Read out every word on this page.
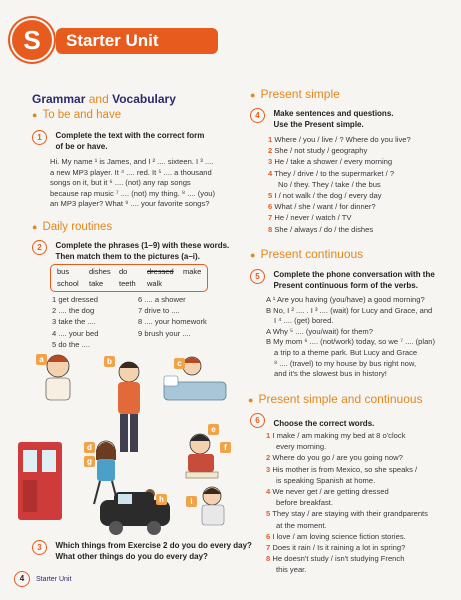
S	Starter Unit
Grammar and Vocabulary
● To be and have
1 Complete the text with the correct form
of be or have.
Hi. My name ¹ is James, and I ² .... sixteen. I ³ ....
a new MP3 player. It ⁴ .... red. It ⁵ .... a thousand
songs on it, but it ⁶ .... (not) any rap songs
because rap music ⁷ .... (not) my thing. ⁸ .... (you)
an MP3 player? What ⁹ .... your favorite songs?
● Daily routines
2 Complete the phrases (1–9) with these words.
Then match them to the pictures (a–i).
bus	dishes do	dressed make
school take teeth walk
1 get dressed
2 .... the dog
3 take the ....
4 .... your bed
5 do the ....
6 .... a shower
7 drive to ....
8 .... your homework
9 brush your ....
a	b	c
d
e
f
g
h	i
3 Which things from Exercise 2 do you do every day?
What other things do you do every day?
4 Starter Unit
● Present simple
4 Make sentences and questions.
Use the Present simple.
1 Where / you / live / ? Where do you live?
2 She / not study / geography
3 He / take a shower / every morning
4 They / drive / to the supermarket / ?
No / they. They / take / the bus
5 I / not walk / the dog / every day
6 What / she / want / for dinner?
7 He / never / watch / TV
8 She / always / do / the dishes
● Present continuous
5 Complete the phone conversation with the
Present continuous form of the verbs.
A ¹ Are you having (you/have) a good morning?
B No, I ² .... . I ³ .... (wait) for Lucy and Grace, and
I ⁴ .... (get) bored.
A Why ⁵ .... (you/wait) for them?
B My mom ⁶ .... (not/work) today, so we ⁷ .... (plan)
a trip to a theme park. But Lucy and Grace
⁸ .... (travel) to my house by bus right now,
and it's the slowest bus in history!
● Present simple and continuous
6 Choose the correct words.
1 I make / am making my bed at 8 o'clock
every morning.
2 Where do you go / are you going now?
3 His mother is from Mexico, so she speaks /
is speaking Spanish at home.
4 We never get / are getting dressed
before breakfast.
5 They stay / are staying with their grandparents
at the moment.
6 I love / am loving science fiction stories.
7 Does it rain / Is it raining a lot in spring?
8 He doesn't study / isn't studying French
this year.
